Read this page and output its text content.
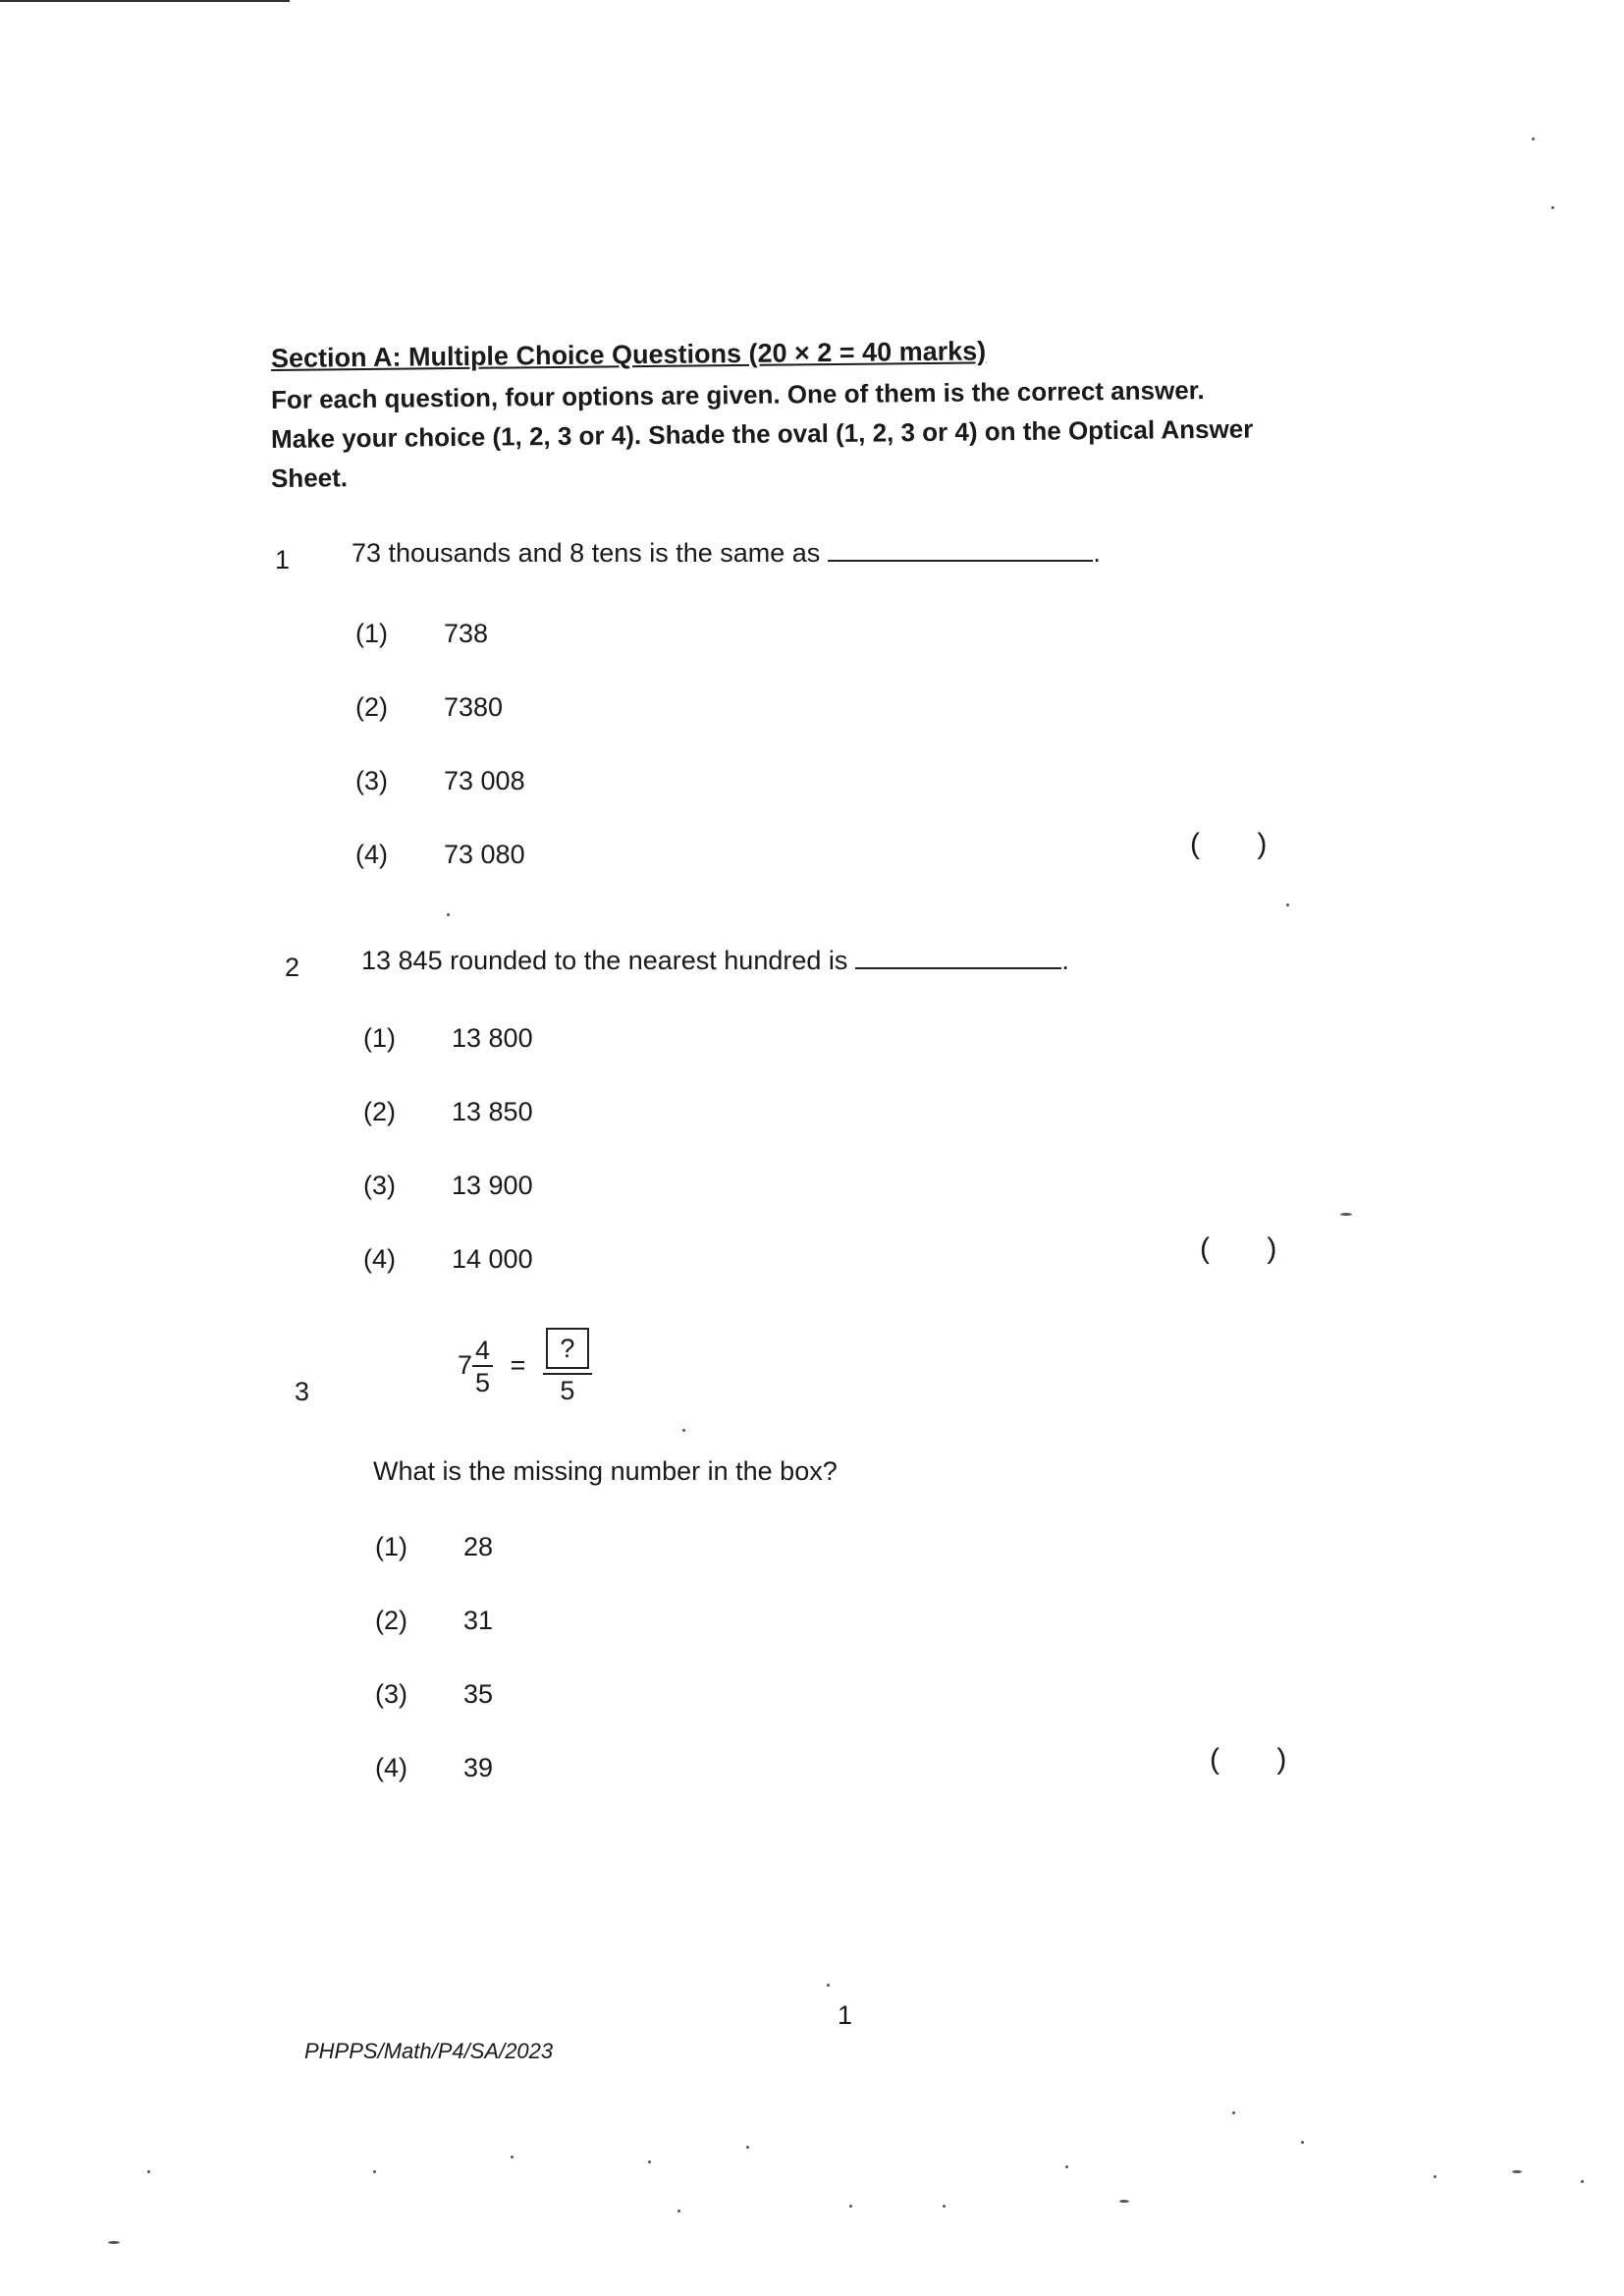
Section A: Multiple Choice Questions (20 × 2 = 40 marks)
For each question, four options are given. One of them is the correct answer.
Make your choice (1, 2, 3 or 4). Shade the oval (1, 2, 3 or 4) on the Optical Answer
Sheet.
1 73 thousands and 8 tens is the same as	.
(1) 738
(2) 7380
(3) 73 008
(4) 73 080	(       )
2 13 845 rounded to the nearest hundred is	.
(1) 13 800
(2) 13 850
(3) 13 900
(4) 14 000	(       )
3
$7 \frac{4}{5} = \frac{?}{5}$
What is the missing number in the box?
(1) 28
(2) 31
(3) 35
(4) 39	(       )
1
PHPPS/Math/P4/SA/2023
